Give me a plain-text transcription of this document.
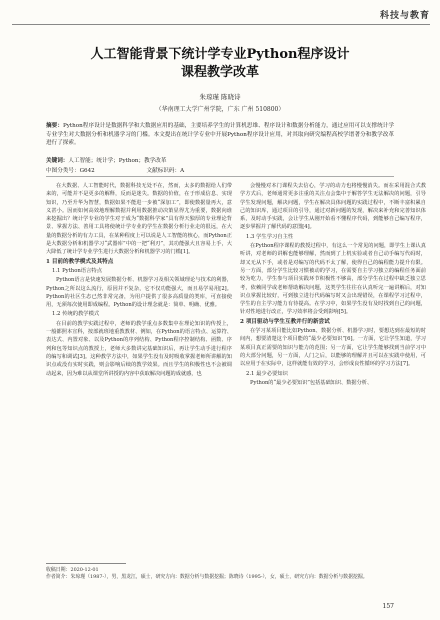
科技与教育
人工智能背景下统计学专业Python程序设计
课程教学改革
朱琼瑾 陈晓诗
（华南理工大学广州学院，广东 广州 510800）
摘要：Python程序设计是数据科学和大数据应用的基础，主要培养学生的计算机思维、程序设计和数据分析能力，通过应用可以支撑统计学专业学生对大数据分析和机器学习的门槛。本文提出在统计学专业中开展Python程序设计应用，对其取向研究编程高校学谱著分和教学改革进行了探索。
关键词：人工智能；统计学；Python；教学改革
中图分类号：G642	文献标识码：A

在大数据、人工智能时代，数据科技无处不在，然而，太多的数据给人们带来的，可能并不是更多的解释，反而是迷失。数据的价值，在于形成信息、实现知识，乃至升华为智慧，数据如果不能进一步被“深加工”，即使数据量再大，意义甚小。因而如何高效地理解数据并利用数据推动决策显得尤为重要，数据向谁来挖掘出？统计学专业的学生对于成为“数据科学家”具有得天独厚的专业理论背景、掌握方法、善用工具将使统计学专业的学生在数据分析行业走的很远，在大量的数据分析的有力工具，在某种程度上可以说是人工智能的核心，而Python正是大数据分析和机器学习“武器库”中的一把“利刃”，其功能强大且容易上手，大大降低了统计学专业学生进行大数据分析和机器学习的门槛[1]。

1 目前的教学模式及其特点
1.1 Python语言特点

Python语言是快速发展数据分析、机器学习及相关领域理论与技术的利器，Python之所以这么流行，原因并不复杂，它不仅功能强大，而且易学易用[2]。Python的社区生态已然非常完备，为用户提供了很多高质量的类库，可直接使用，无须每次使用即成编程。Python的设计理念就是：简单、明确、优雅。

1.2 传统的教学模式

在目前的教学实践过程中，老师的教学重点多数集中在理论知识的传授上，一般都照本宣科，按部就班地重教教材、例如，在Python的语言特点、运算符、表达式、内置对象、以及Python的序列结构、Python程序控制结构、函数、序列和包等知识点的教授上，老师大多数讲完基础知识后，再让学生动手进行程序的编写和调试[3]。这种教学方法中，如果学生没有及时吸收掌握老师所讲解的知识点或没有实时实践，则会影响后续的教学效果。而且学生的积极性也不会被调动起来，因为难以从课堂所讲授的内容中获取解决问题的成就感，也

会慢慢对本门课程失去信心，学习的动力也将慢慢消失。而在采用混合式教学方式后，老师通常更多注重的关注点会集中于解答学生无法解决的问题，引导学生发现问题，解决问题，学生在解决具体问题的实践过程中，不断丰富积累自己的知识库，通过项目的引导，通过对新问题的发现，解决来补充和完善知识体系，及时动手实践，会让学生从刚开始看不懂程序代码，到能够自己编写程序，逐步掌握并了解代码的意图[4]。

1.3 学生学习自主性

在Python程序课程的教授过程中，有这么一个常见的问题，即学生上课认真听讲，对老师的讲解也能够理解，然而到了上机实验或者自己动手编写代码时，却又无从下手，或者是对编写的代码不太了解，使得自己的编程能力提升有限。另一方面，部分学生比较习惯被动的学习，在需要自主学习独立的编程任务面前较为吃力，学生参与项目实践环节积极性不够高，部分学生在过程中缺乏独立思考，依赖同学或老师帮助解决问题，这类学生往往在认真听完一遍讲解后，对知识点掌握比较好，可到独立进行代码编写时又会出现错误，在课程学习过程中，学生的自主学习能力有待提高。在学习中，如果学生没有及时找到自己的问题，针对性地进行改正，学习效率将会受到影响[5]。

2 项目驱动与学生互教并行的新尝试

在学习某项目能比如Python、数据分析、机器学习时，要想达到在最短的时间内，想要清楚这个项目能的“最少必要知识”[6]。一方面，它让学生知道，学习某项目真正需要的知识与能力的范围；另一方面，它让学生能够找到当前学习中的大部分问题，另一方面，人门之后，以能够的理解并且可以在实践中使用，可以应用于在实际中，这样就能有效的学习，会形成良性循环的学习方法[7]。

2.1 最少必要知识

Python的“最少必要知识”包括基础知识、数据分析、

收稿日期：2020-12-01
作者简介：朱琼瑾（1987-），男，黑龙江，硕士，研究方向：数据分析与数据挖掘；陈晓诗（1995-），女，硕士，研究方向：数据分析与数据挖掘。
157
